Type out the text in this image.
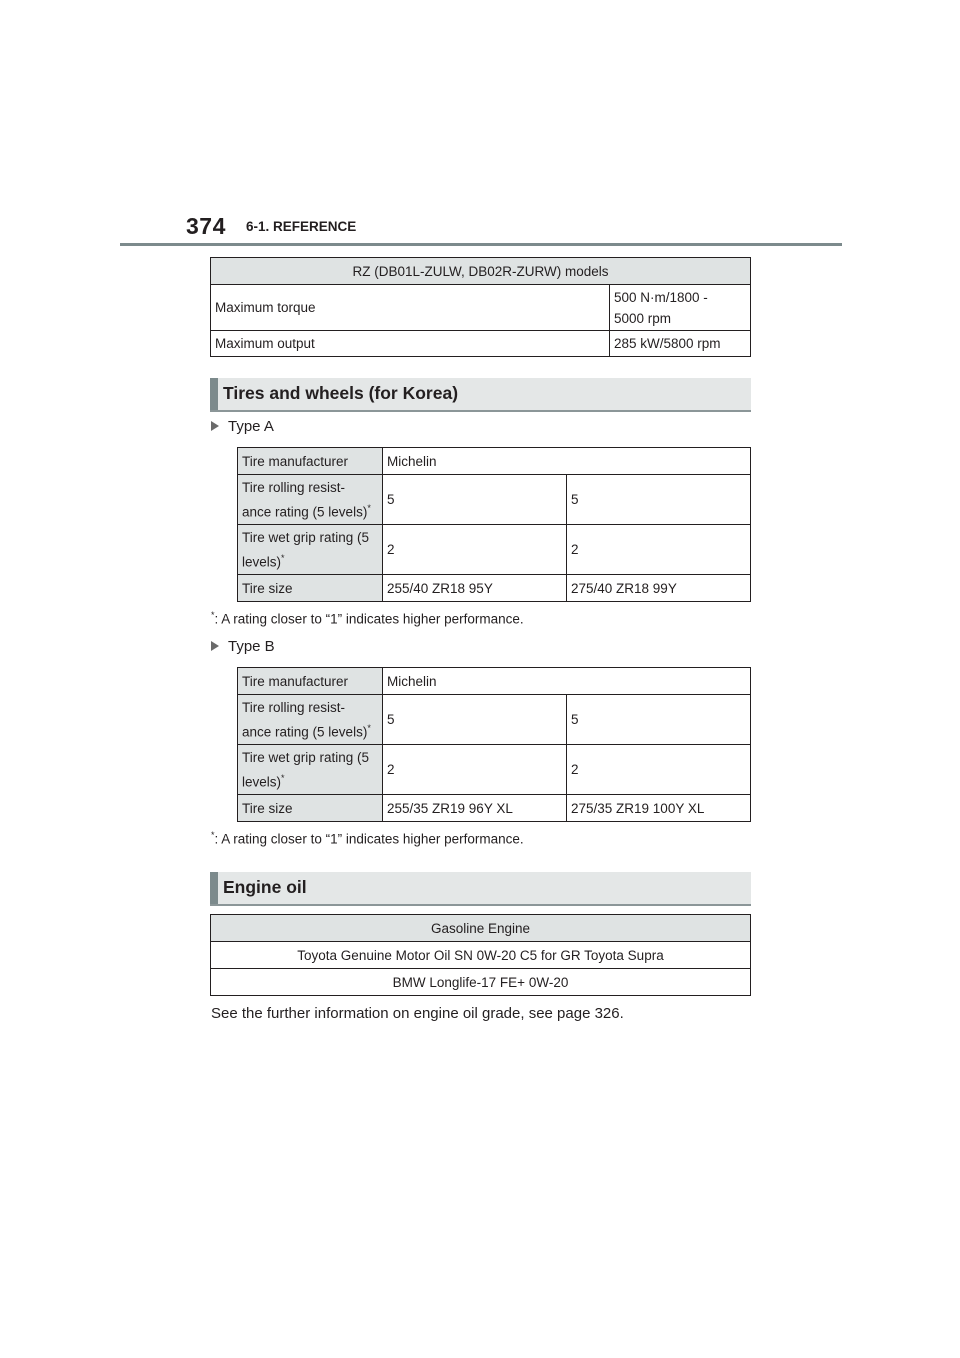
374 6-1. REFERENCE
RZ (DB01L-ZULW, DB02R-ZURW) models	
Maximum torque	500 N·m/1800 -
5000 rpm
Maximum output	285 kW/5800 rpm
Tires and wheels (for Korea)
Type A
Tire manufacturer	Michelin	
Tire rolling resist-
ance rating (5 levels)*	5	5
Tire wet grip rating (5
levels)*	2	2
Tire size	255/40 ZR18 95Y	275/40 ZR18 99Y
*: A rating closer to “1” indicates higher performance.
Type B
Tire manufacturer	Michelin	
Tire rolling resist-
ance rating (5 levels)*	5	5
Tire wet grip rating (5
levels)*	2	2
Tire size	255/35 ZR19 96Y XL	275/35 ZR19 100Y XL
*: A rating closer to “1” indicates higher performance.
Engine oil
Gasoline Engine
Toyota Genuine Motor Oil SN 0W-20 C5 for GR Toyota Supra
BMW Longlife-17 FE+ 0W-20
See the further information on engine oil grade, see page 326.
